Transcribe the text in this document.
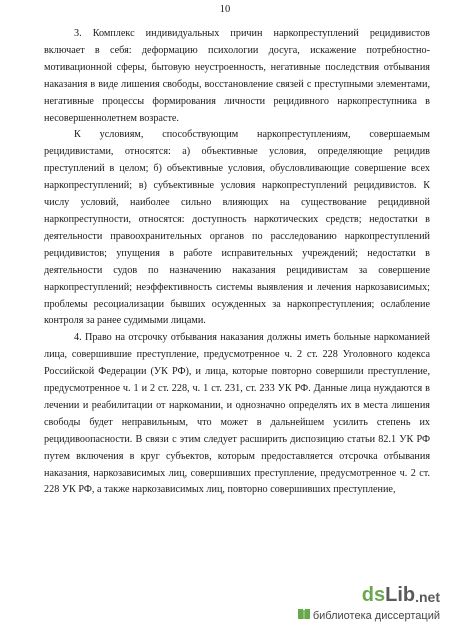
10

3. Комплекс индивидуальных причин наркопреступлений рецидивистов включает в себя: деформацию психологии досуга, искажение потребностно-мотивационной сферы, бытовую неустроенность, негативные последствия отбывания наказания в виде лишения свободы, восстановление связей с преступными элементами, негативные процессы формирования личности рецидивного наркопреступника в несовершеннолетнем возрасте.

К условиям, способствующим наркопреступлениям, совершаемым рецидивистами, относятся: а) объективные условия, определяющие рецидив преступлений в целом; б) объективные условия, обусловливающие совершение всех наркопреступлений; в) субъективные условия наркопреступлений рецидивистов. К числу условий, наиболее сильно влияющих на существование рецидивной наркопреступности, относятся: доступность наркотических средств; недостатки в деятельности правоохранительных органов по расследованию наркопреступлений рецидивистов; упущения в работе исправительных учреждений; недостатки в деятельности судов по назначению наказания рецидивистам за совершение наркопреступлений; неэффективность системы выявления и лечения наркозависимых; проблемы ресоциализации бывших осужденных за наркопреступления; ослабление контроля за ранее судимыми лицами.

4. Право на отсрочку отбывания наказания должны иметь больные наркоманией лица, совершившие преступление, предусмотренное ч. 2 ст. 228 Уголовного кодекса Российской Федерации (УК РФ), и лица, которые повторно совершили преступление, предусмотренное ч. 1 и 2 ст. 228, ч. 1 ст. 231, ст. 233 УК РФ. Данные лица нуждаются в лечении и реабилитации от наркомании, и однозначно определять их в места лишения свободы будет неправильным, что может в дальнейшем усилить степень их рецидивоопасности. В связи с этим следует расширить диспозицию статьи 82.1 УК РФ путем включения в круг субъектов, которым предоставляется отсрочка отбывания наказания, наркозависимых лиц, совершивших преступление, предусмотренное ч. 2 ст. 228 УК РФ, а также наркозависимых лиц, повторно совершивших преступление,

ds Lib .net
библиотека диссертаций
